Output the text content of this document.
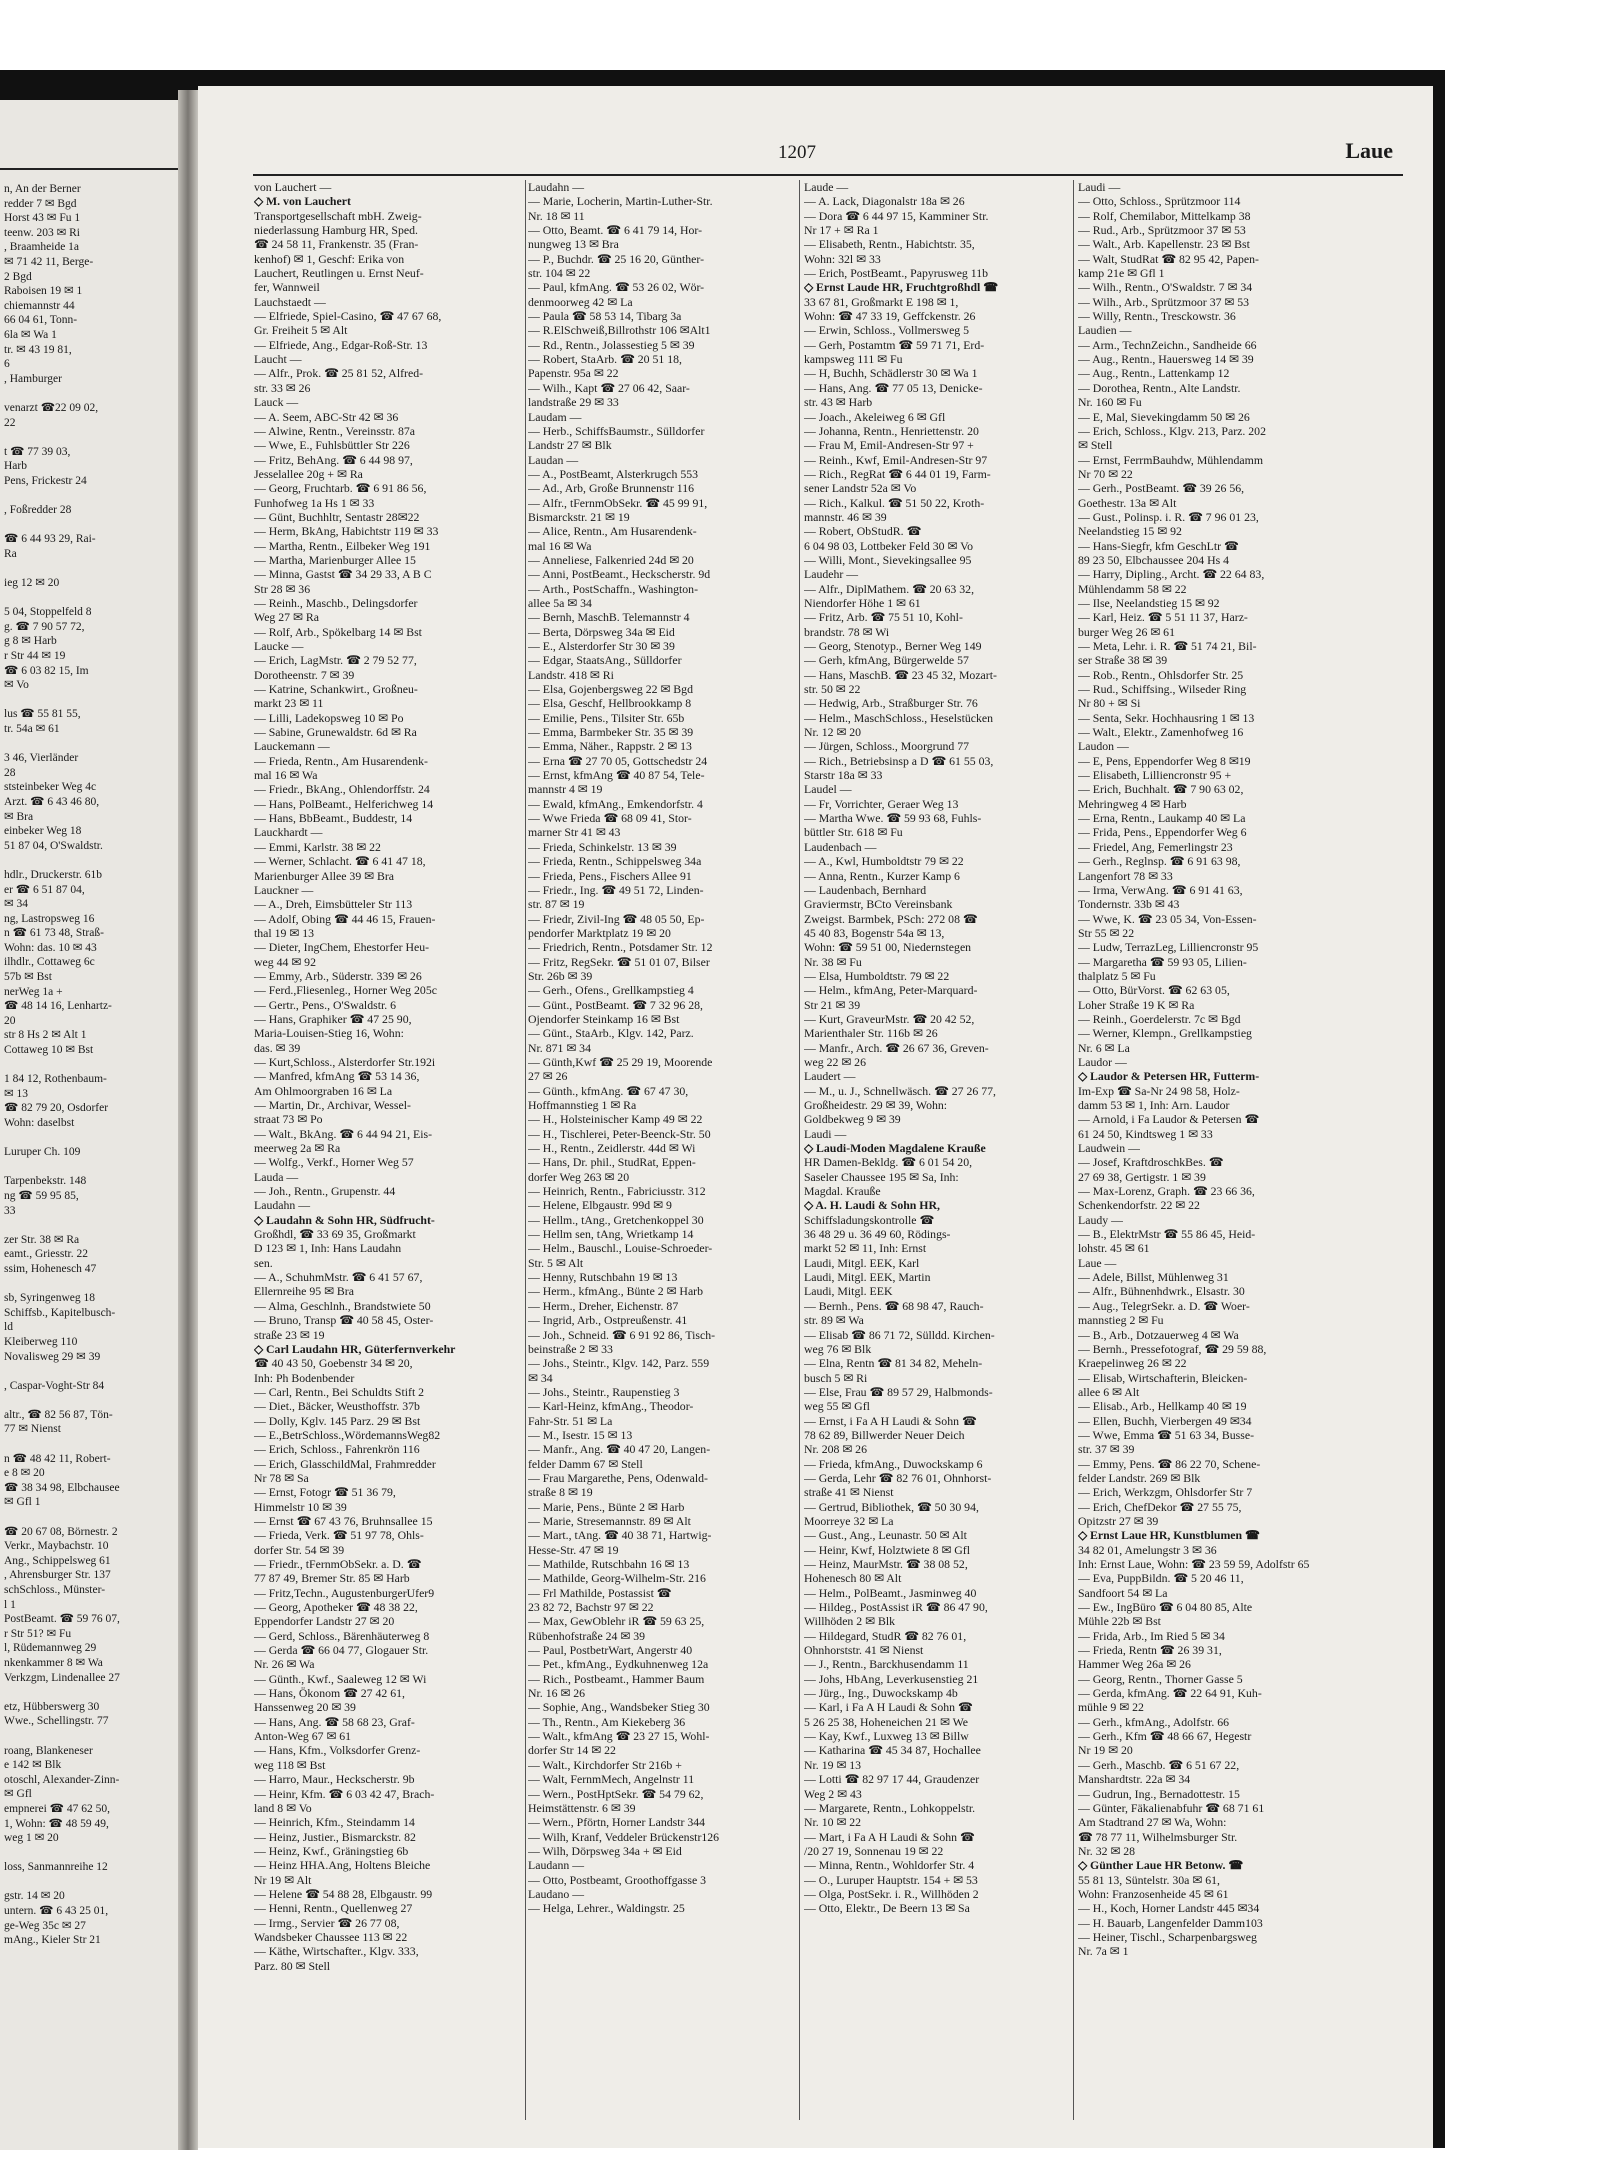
n, An der Berner
redder 7 ✉ Bgd
Horst 43 ✉ Fu 1
teenw. 203 ✉ Ri
, Braamheide 1a
✉ 71 42 11, Berge-
2 Bgd
Raboisen 19 ✉ 1
chiemannstr 44
66 04 61, Tonn-
6la ✉ Wa 1
tr. ✉ 43 19 81,
6
, Hamburger

venarzt ☎22 09 02,
22

t ☎ 77 39 03,
Harb
Pens, Frickestr 24

, Foßredder 28

☎ 6 44 93 29, Rai-
Ra

ieg 12 ✉ 20

5 04, Stoppelfeld 8
g. ☎ 7 90 57 72,
g 8 ✉ Harb
r Str 44 ✉ 19
☎ 6 03 82 15, Im
✉ Vo

lus ☎ 55 81 55,
tr. 54a ✉ 61

3 46, Vierländer
28
ststeinbeker Weg 4c
Arzt. ☎ 6 43 46 80,
✉ Bra
einbeker Weg 18
51 87 04, O'Swaldstr.

hdlr., Druckerstr. 61b
er ☎ 6 51 87 04,
✉ 34
ng, Lastropsweg 16
n ☎ 61 73 48, Straß-
Wohn: das. 10 ✉ 43
ilhdlr., Cottaweg 6c
57b ✉ Bst
nerWeg 1a +
☎ 48 14 16, Lenhartz-
20
str 8 Hs 2 ✉ Alt 1
Cottaweg 10 ✉ Bst

1 84 12, Rothenbaum-
✉ 13
☎ 82 79 20, Osdorfer
Wohn: daselbst

Luruper Ch. 109

Tarpenbekstr. 148
ng ☎ 59 95 85,
33

zer Str. 38 ✉ Ra
eamt., Griesstr. 22
ssim, Hohenesch 47

sb, Syringenweg 18
Schiffsb., Kapitelbusch-
ld
Kleiberweg 110
Novalisweg 29 ✉ 39

, Caspar-Voght-Str 84

altr., ☎ 82 56 87, Tön-
77 ✉ Nienst

n ☎ 48 42 11, Robert-
e 8 ✉ 20
☎ 38 34 98, Elbchausee
✉ Gfl 1

☎ 20 67 08, Börnestr. 2
Verkr., Maybachstr. 10
Ang., Schippelsweg 61
, Ahrensburger Str. 137
schSchloss., Münster-
l 1
PostBeamt. ☎ 59 76 07,
r Str 51? ✉ Fu
l, Rüdemannweg 29
nkenkammer 8 ✉ Wa
Verkzgm, Lindenallee 27

etz, Hübberswerg 30
Wwe., Schellingstr. 77

roang, Blankeneser
e 142 ✉ Blk
otoschl, Alexander-Zinn-
✉ Gfl
empnerei ☎ 47 62 50,
1, Wohn: ☎ 48 59 49,
weg 1 ✉ 20

loss, Sanmannreihe 12

gstr. 14 ✉ 20
untern. ☎ 6 43 25 01,
ge-Weg 35c ✉ 27
mAng., Kieler Str 21
1207	Laue
von Lauchert —
◇ M. von Lauchert
Transportgesellschaft mbH. Zweig-
niederlassung Hamburg HR, Sped.
☎ 24 58 11, Frankenstr. 35 (Fran-
kenhof) ✉ 1, Geschf: Erika von
Lauchert, Reutlingen u. Ernst Neuf-
fer, Wannweil
Lauchstaedt —
— Elfriede, Spiel-Casino, ☎ 47 67 68,
Gr. Freiheit 5 ✉ Alt
— Elfriede, Ang., Edgar-Roß-Str. 13
Laucht —
— Alfr., Prok. ☎ 25 81 52, Alfred-
str. 33 ✉ 26
Lauck —
— A. Seem, ABC-Str 42 ✉ 36
— Alwine, Rentn., Vereinsstr. 87a
— Wwe, E., Fuhlsbüttler Str 226
— Fritz, BehAng. ☎ 6 44 98 97,
Jesselallee 20g + ✉ Ra
— Georg, Fruchtarb. ☎ 6 91 86 56,
Funhofweg 1a Hs 1 ✉ 33
— Günt, Buchhltr, Sentastr 28✉22
— Herm, BkAng, Habichtstr 119 ✉ 33
— Martha, Rentn., Eilbeker Weg 191
— Martha, Marienburger Allee 15
— Minna, Gastst ☎ 34 29 33, A B C
Str 28 ✉ 36
— Reinh., Maschb., Delingsdorfer
Weg 27 ✉ Ra
— Rolf, Arb., Spökelbarg 14 ✉ Bst
Laucke —
— Erich, LagMstr. ☎ 2 79 52 77,
Dorotheenstr. 7 ✉ 39
— Katrine, Schankwirt., Großneu-
markt 23 ✉ 11
— Lilli, Ladekopsweg 10 ✉ Po
— Sabine, Grunewaldstr. 6d ✉ Ra
Lauckemann —
— Frieda, Rentn., Am Husarendenk-
mal 16 ✉ Wa
— Friedr., BkAng., Ohlendorffstr. 24
— Hans, PolBeamt., Helferichweg 14
— Hans, BbBeamt., Buddestr, 14
Lauckhardt —
— Emmi, Karlstr. 38 ✉ 22
— Werner, Schlacht. ☎ 6 41 47 18,
Marienburger Allee 39 ✉ Bra
Lauckner —
— A., Dreh, Eimsbütteler Str 113
— Adolf, Obing ☎ 44 46 15, Frauen-
thal 19 ✉ 13
— Dieter, IngChem, Ehestorfer Heu-
weg 44 ✉ 92
— Emmy, Arb., Süderstr. 339 ✉ 26
— Ferd.,Fliesenleg., Horner Weg 205c
— Gertr., Pens., O'Swaldstr. 6
— Hans, Graphiker ☎ 47 25 90,
Maria-Louisen-Stieg 16, Wohn:
das. ✉ 39
— Kurt,Schloss., Alsterdorfer Str.192i
— Manfred, kfmAng ☎ 53 14 36,
Am Ohlmoorgraben 16 ✉ La
— Martin, Dr., Archivar, Wessel-
straat 73 ✉ Po
— Walt., BkAng. ☎ 6 44 94 21, Eis-
meerweg 2a ✉ Ra
— Wolfg., Verkf., Horner Weg 57
Lauda —
— Joh., Rentn., Grupenstr. 44
Laudahn —
◇ Laudahn & Sohn HR, Südfrucht-
Großhdl, ☎ 33 69 35, Großmarkt
D 123 ✉ 1, Inh: Hans Laudahn
sen.
— A., SchuhmMstr. ☎ 6 41 57 67,
Ellernreihe 95 ✉ Bra
— Alma, Geschlnh., Brandstwiete 50
— Bruno, Transp ☎ 40 58 45, Oster-
straße 23 ✉ 19
◇ Carl Laudahn HR, Güterfernverkehr
☎ 40 43 50, Goebenstr 34 ✉ 20,
Inh: Ph Bodenbender
— Carl, Rentn., Bei Schuldts Stift 2
— Diet., Bäcker, Weusthoffstr. 37b
— Dolly, Kglv. 145 Parz. 29 ✉ Bst
— E.,BetrSchloss.,WördemannsWeg82
— Erich, Schloss., Fahrenkrön 116
— Erich, GlasschildMal, Frahmredder
Nr 78 ✉ Sa
— Ernst, Fotogr ☎ 51 36 79,
Himmelstr 10 ✉ 39
— Ernst ☎ 67 43 76, Bruhnsallee 15
— Frieda, Verk. ☎ 51 97 78, Ohls-
dorfer Str. 54 ✉ 39
— Friedr., tFernmObSekr. a. D. ☎
77 87 49, Bremer Str. 85 ✉ Harb
— Fritz,Techn., AugustenburgerUfer9
— Georg, Apotheker ☎ 48 38 22,
Eppendorfer Landstr 27 ✉ 20
— Gerd, Schloss., Bärenhäuterweg 8
— Gerda ☎ 66 04 77, Glogauer Str.
Nr. 26 ✉ Wa
— Günth., Kwf., Saaleweg 12 ✉ Wi
— Hans, Ökonom ☎ 27 42 61,
Hanssenweg 20 ✉ 39
— Hans, Ang. ☎ 58 68 23, Graf-
Anton-Weg 67 ✉ 61
— Hans, Kfm., Volksdorfer Grenz-
weg 118 ✉ Bst
— Harro, Maur., Heckscherstr. 9b
— Heinr, Kfm. ☎ 6 03 42 47, Brach-
land 8 ✉ Vo
— Heinrich, Kfm., Steindamm 14
— Heinz, Justier., Bismarckstr. 82
— Heinz, Kwf., Gräningstieg 6b
— Heinz HHA.Ang, Holtens Bleiche
Nr 19 ✉ Alt
— Helene ☎ 54 88 28, Elbgaustr. 99
— Henni, Rentn., Quellenweg 27
— Irmg., Servier ☎ 26 77 08,
Wandsbeker Chaussee 113 ✉ 22
— Käthe, Wirtschafter., Klgv. 333,
Parz. 80 ✉ Stell
Laudahn —
— Marie, Locherin, Martin-Luther-Str.
Nr. 18 ✉ 11
— Otto, Beamt. ☎ 6 41 79 14, Hor-
nungweg 13 ✉ Bra
— P., Buchdr. ☎ 25 16 20, Günther-
str. 104 ✉ 22
— Paul, kfmAng. ☎ 53 26 02, Wör-
denmoorweg 42 ✉ La
— Paula ☎ 58 53 14, Tibarg 3a
— R.ElSchweiß,Billrothstr 106 ✉Alt1
— Rd., Rentn., Jolassestieg 5 ✉ 39
— Robert, StaArb. ☎ 20 51 18,
Papenstr. 95a ✉ 22
— Wilh., Kapt ☎ 27 06 42, Saar-
landstraße 29 ✉ 33
Laudam —
— Herb., SchiffsBaumstr., Sülldorfer
Landstr 27 ✉ Blk
Laudan —
— A., PostBeamt, Alsterkrugch 553
— Ad., Arb, Große Brunnenstr 116
— Alfr., tFernmObSekr. ☎ 45 99 91,
Bismarckstr. 21 ✉ 19
— Alice, Rentn., Am Husarendenk-
mal 16 ✉ Wa
— Anneliese, Falkenried 24d ✉ 20
— Anni, PostBeamt., Heckscherstr. 9d
— Arth., PostSchaffn., Washington-
allee 5a ✉ 34
— Bernh, MaschB. Telemannstr 4
— Berta, Dörpsweg 34a ✉ Eid
— E., Alsterdorfer Str 30 ✉ 39
— Edgar, StaatsAng., Sülldorfer
Landstr. 418 ✉ Ri
— Elsa, Gojenbergsweg 22 ✉ Bgd
— Elsa, Geschf, Hellbrookkamp 8
— Emilie, Pens., Tilsiter Str. 65b
— Emma, Barmbeker Str. 35 ✉ 39
— Emma, Näher., Rappstr. 2 ✉ 13
— Erna ☎ 27 70 05, Gottschedstr 24
— Ernst, kfmAng ☎ 40 87 54, Tele-
mannstr 4 ✉ 19
— Ewald, kfmAng., Emkendorfstr. 4
— Wwe Frieda ☎ 68 09 41, Stor-
marner Str 41 ✉ 43
— Frieda, Schinkelstr. 13 ✉ 39
— Frieda, Rentn., Schippelsweg 34a
— Frieda, Pens., Fischers Allee 91
— Friedr., Ing. ☎ 49 51 72, Linden-
str. 87 ✉ 19
— Friedr, Zivil-Ing ☎ 48 05 50, Ep-
pendorfer Marktplatz 19 ✉ 20
— Friedrich, Rentn., Potsdamer Str. 12
— Fritz, RegSekr. ☎ 51 01 07, Bilser
Str. 26b ✉ 39
— Gerh., Ofens., Grellkampstieg 4
— Günt., PostBeamt. ☎ 7 32 96 28,
Ojendorfer Steinkamp 16 ✉ Bst
— Günt., StaArb., Klgv. 142, Parz.
Nr. 871 ✉ 34
— Günth,Kwf ☎ 25 29 19, Moorende
27 ✉ 26
— Günth., kfmAng. ☎ 67 47 30,
Hoffmannstieg 1 ✉ Ra
— H., Holsteinischer Kamp 49 ✉ 22
— H., Tischlerei, Peter-Beenck-Str. 50
— H., Rentn., Zeidlerstr. 44d ✉ Wi
— Hans, Dr. phil., StudRat, Eppen-
dorfer Weg 263 ✉ 20
— Heinrich, Rentn., Fabriciusstr. 312
— Helene, Elbgaustr. 99d ✉ 9
— Hellm., tAng., Gretchenkoppel 30
— Hellm sen, tAng, Wrietkamp 14
— Helm., Bauschl., Louise-Schroeder-
Str. 5 ✉ Alt
— Henny, Rutschbahn 19 ✉ 13
— Herm., kfmAng., Bünte 2 ✉ Harb
— Herm., Dreher, Eichenstr. 87
— Ingrid, Arb., Ostpreußenstr. 41
— Joh., Schneid. ☎ 6 91 92 86, Tisch-
beinstraße 2 ✉ 33
— Johs., Steintr., Klgv. 142, Parz. 559
✉ 34
— Johs., Steintr., Raupenstieg 3
— Karl-Heinz, kfmAng., Theodor-
Fahr-Str. 51 ✉ La
— M., Isestr. 15 ✉ 13
— Manfr., Ang. ☎ 40 47 20, Langen-
felder Damm 67 ✉ Stell
— Frau Margarethe, Pens, Odenwald-
straße 8 ✉ 19
— Marie, Pens., Bünte 2 ✉ Harb
— Marie, Stresemannstr. 89 ✉ Alt
— Mart., tAng. ☎ 40 38 71, Hartwig-
Hesse-Str. 47 ✉ 19
— Mathilde, Rutschbahn 16 ✉ 13
— Mathilde, Georg-Wilhelm-Str. 216
— Frl Mathilde, Postassist ☎
23 82 72, Bachstr 97 ✉ 22
— Max, GewOblehr iR ☎ 59 63 25,
Rübenhofstraße 24 ✉ 39
— Paul, PostbetrWart, Angerstr 40
— Pet., kfmAng., Eydkuhnenweg 12a
— Rich., Postbeamt., Hammer Baum
Nr. 16 ✉ 26
— Sophie, Ang., Wandsbeker Stieg 30
— Th., Rentn., Am Kiekeberg 36
— Walt., kfmAng ☎ 23 27 15, Wohl-
dorfer Str 14 ✉ 22
— Walt., Kirchdorfer Str 216b +
— Walt, FernmMech, Angelnstr 11
— Wern., PostHptSekr. ☎ 54 79 62,
Heimstättenstr. 6 ✉ 39
— Wern., Pförtn, Horner Landstr 344
— Wilh, Kranf, Veddeler Brückenstr126
— Wilh, Dörpsweg 34a + ✉ Eid
Laudann —
— Otto, Postbeamt, Groothoffgasse 3
Laudano —
— Helga, Lehrer., Waldingstr. 25
Laude —
— A. Lack, Diagonalstr 18a ✉ 26
— Dora ☎ 6 44 97 15, Kamminer Str.
Nr 17 + ✉ Ra 1
— Elisabeth, Rentn., Habichtstr. 35,
Wohn: 32l ✉ 33
— Erich, PostBeamt., Papyrusweg 11b
◇ Ernst Laude HR, Fruchtgroßhdl ☎
33 67 81, Großmarkt E 198 ✉ 1,
Wohn: ☎ 47 33 19, Geffckenstr. 26
— Erwin, Schloss., Vollmersweg 5
— Gerh, Postamtm ☎ 59 71 71, Erd-
kampsweg 111 ✉ Fu
— H, Buchh, Schädlerstr 30 ✉ Wa 1
— Hans, Ang. ☎ 77 05 13, Denicke-
str. 43 ✉ Harb
— Joach., Akeleiweg 6 ✉ Gfl
— Johanna, Rentn., Henriettenstr. 20
— Frau M, Emil-Andresen-Str 97 +
— Reinh., Kwf, Emil-Andresen-Str 97
— Rich., RegRat ☎ 6 44 01 19, Farm-
sener Landstr 52a ✉ Vo
— Rich., Kalkul. ☎ 51 50 22, Kroth-
mannstr. 46 ✉ 39
— Robert, ObStudR. ☎
6 04 98 03, Lottbeker Feld 30 ✉ Vo
— Willi, Mont., Sievekingsallee 95
Laudehr —
— Alfr., DiplMathem. ☎ 20 63 32,
Niendorfer Höhe 1 ✉ 61
— Fritz, Arb. ☎ 75 51 10, Kohl-
brandstr. 78 ✉ Wi
— Georg, Stenotyp., Berner Weg 149
— Gerh, kfmAng, Bürgerwelde 57
— Hans, MaschB. ☎ 23 45 32, Mozart-
str. 50 ✉ 22
— Hedwig, Arb., Straßburger Str. 76
— Helm., MaschSchloss., Heselstücken
Nr. 12 ✉ 20
— Jürgen, Schloss., Moorgrund 77
— Rich., Betriebsinsp a D ☎ 61 55 03,
Starstr 18a ✉ 33
Laudel —
— Fr, Vorrichter, Geraer Weg 13
— Martha Wwe. ☎ 59 93 68, Fuhls-
büttler Str. 618 ✉ Fu
Laudenbach —
— A., Kwl, Humboldtstr 79 ✉ 22
— Anna, Rentn., Kurzer Kamp 6
— Laudenbach, Bernhard
Graviermstr, BCto Vereinsbank
Zweigst. Barmbek, PSch: 272 08 ☎
45 40 83, Bogenstr 54a ✉ 13,
Wohn: ☎ 59 51 00, Niedernstegen
Nr. 38 ✉ Fu
— Elsa, Humboldtstr. 79 ✉ 22
— Helm., kfmAng, Peter-Marquard-
Str 21 ✉ 39
— Kurt, GraveurMstr. ☎ 20 42 52,
Marienthaler Str. 116b ✉ 26
— Manfr., Arch. ☎ 26 67 36, Greven-
weg 22 ✉ 26
Laudert —
— M., u. J., Schnellwäsch. ☎ 27 26 77,
Großheidestr. 29 ✉ 39, Wohn:
Goldbekweg 9 ✉ 39
Laudi —
◇ Laudi-Moden Magdalene Krauße
HR Damen-Bekldg. ☎ 6 01 54 20,
Saseler Chaussee 195 ✉ Sa, Inh:
Magdal. Krauße
◇ A. H. Laudi & Sohn HR,
Schiffsladungskontrolle ☎
36 48 29 u. 36 49 60, Rödings-
markt 52 ✉ 11, Inh: Ernst
Laudi, Mitgl. EEK, Karl
Laudi, Mitgl. EEK, Martin
Laudi, Mitgl. EEK
— Bernh., Pens. ☎ 68 98 47, Rauch-
str. 89 ✉ Wa
— Elisab ☎ 86 71 72, Sülldd. Kirchen-
weg 76 ✉ Blk
— Elna, Rentn ☎ 81 34 82, Meheln-
busch 5 ✉ Ri
— Else, Frau ☎ 89 57 29, Halbmonds-
weg 55 ✉ Gfl
— Ernst, i Fa A H Laudi & Sohn ☎
78 62 89, Billwerder Neuer Deich
Nr. 208 ✉ 26
— Frieda, kfmAng., Duwockskamp 6
— Gerda, Lehr ☎ 82 76 01, Ohnhorst-
straße 41 ✉ Nienst
— Gertrud, Bibliothek, ☎ 50 30 94,
Moorreye 32 ✉ La
— Gust., Ang., Leunastr. 50 ✉ Alt
— Heinr, Kwf, Holztwiete 8 ✉ Gfl
— Heinz, MaurMstr. ☎ 38 08 52,
Hohenesch 80 ✉ Alt
— Helm., PolBeamt., Jasminweg 40
— Hildeg., PostAssist iR ☎ 86 47 90,
Willhöden 2 ✉ Blk
— Hildegard, StudR ☎ 82 76 01,
Ohnhorststr. 41 ✉ Nienst
— J., Rentn., Barckhusendamm 11
— Johs, HbAng, Leverkusenstieg 21
— Jürg., Ing., Duwockskamp 4b
— Karl, i Fa A H Laudi & Sohn ☎
5 26 25 38, Hoheneichen 21 ✉ We
— Kay, Kwf., Luxweg 13 ✉ Billw
— Katharina ☎ 45 34 87, Hochallee
Nr. 19 ✉ 13
— Lotti ☎ 82 97 17 44, Graudenzer
Weg 2 ✉ 43
— Margarete, Rentn., Lohkoppelstr.
Nr. 10 ✉ 22
— Mart, i Fa A H Laudi & Sohn ☎
/20 27 19, Sonnenau 19 ✉ 22
— Minna, Rentn., Wohldorfer Str. 4
— O., Luruper Hauptstr. 154 + ✉ 53
— Olga, PostSekr. i. R., Willhöden 2
— Otto, Elektr., De Beern 13 ✉ Sa
Laudi —
— Otto, Schloss., Sprützmoor 114
— Rolf, Chemilabor, Mittelkamp 38
— Rud., Arb., Sprützmoor 37 ✉ 53
— Walt., Arb. Kapellenstr. 23 ✉ Bst
— Walt, StudRat ☎ 82 95 42, Papen-
kamp 21e ✉ Gfl 1
— Wilh., Rentn., O'Swaldstr. 7 ✉ 34
— Wilh., Arb., Sprützmoor 37 ✉ 53
— Willy, Rentn., Tresckowstr. 36
Laudien —
— Arm., TechnZeichn., Sandheide 66
— Aug., Rentn., Hauersweg 14 ✉ 39
— Aug., Rentn., Lattenkamp 12
— Dorothea, Rentn., Alte Landstr.
Nr. 160 ✉ Fu
— E, Mal, Sievekingdamm 50 ✉ 26
— Erich, Schloss., Klgv. 213, Parz. 202
✉ Stell
— Ernst, FerrmBauhdw, Mühlendamm
Nr 70 ✉ 22
— Gerh., PostBeamt. ☎ 39 26 56,
Goethestr. 13a ✉ Alt
— Gust., Polinsp. i. R. ☎ 7 96 01 23,
Neelandstieg 15 ✉ 92
— Hans-Siegfr, kfm GeschLtr ☎
89 23 50, Elbchaussee 204 Hs 4
— Harry, Dipling., Archt. ☎ 22 64 83,
Mühlendamm 58 ✉ 22
— Ilse, Neelandstieg 15 ✉ 92
— Karl, Heiz. ☎ 5 51 11 37, Harz-
burger Weg 26 ✉ 61
— Meta, Lehr. i. R. ☎ 51 74 21, Bil-
ser Straße 38 ✉ 39
— Rob., Rentn., Ohlsdorfer Str. 25
— Rud., Schiffsing., Wilseder Ring
Nr 80 + ✉ Si
— Senta, Sekr. Hochhausring 1 ✉ 13
— Walt., Elektr., Zamenhofweg 16
Laudon —
— E, Pens, Eppendorfer Weg 8 ✉19
— Elisabeth, Lilliencronstr 95 +
— Erich, Buchhalt. ☎ 7 90 63 02,
Mehringweg 4 ✉ Harb
— Erna, Rentn., Laukamp 40 ✉ La
— Frida, Pens., Eppendorfer Weg 6
— Friedel, Ang, Femerlingstr 23
— Gerh., Reglnsp. ☎ 6 91 63 98,
Langenfort 78 ✉ 33
— Irma, VerwAng. ☎ 6 91 41 63,
Tondernstr. 33b ✉ 43
— Wwe, K. ☎ 23 05 34, Von-Essen-
Str 55 ✉ 22
— Ludw, TerrazLeg, Lilliencronstr 95
— Margaretha ☎ 59 93 05, Lilien-
thalplatz 5 ✉ Fu
— Otto, BürVorst. ☎ 62 63 05,
Loher Straße 19 K ✉ Ra
— Reinh., Goerdelerstr. 7c ✉ Bgd
— Werner, Klempn., Grellkampstieg
Nr. 6 ✉ La
Laudor —
◇ Laudor & Petersen HR, Futterm-
Im-Exp ☎ Sa-Nr 24 98 58, Holz-
damm 53 ✉ 1, Inh: Arn. Laudor
— Arnold, i Fa Laudor & Petersen ☎
61 24 50, Kindtsweg 1 ✉ 33
Laudwein —
— Josef, KraftdroschkBes. ☎
27 69 38, Gertigstr. 1 ✉ 39
— Max-Lorenz, Graph. ☎ 23 66 36,
Schenkendorfstr. 22 ✉ 22
Laudy —
— B., ElektrMstr ☎ 55 86 45, Heid-
lohstr. 45 ✉ 61
Laue —
— Adele, Billst, Mühlenweg 31
— Alfr., Bühnenhdwrk., Elsastr. 30
— Aug., TelegrSekr. a. D. ☎ Woer-
mannstieg 2 ✉ Fu
— B., Arb., Dotzauerweg 4 ✉ Wa
— Bernh., Pressefotograf, ☎ 29 59 88,
Kraepelinweg 26 ✉ 22
— Elisab, Wirtschafterin, Bleicken-
allee 6 ✉ Alt
— Elisab., Arb., Hellkamp 40 ✉ 19
— Ellen, Buchh, Vierbergen 49 ✉34
— Wwe, Emma ☎ 51 63 34, Busse-
str. 37 ✉ 39
— Emmy, Pens. ☎ 86 22 70, Schene-
felder Landstr. 269 ✉ Blk
— Erich, Werkzgm, Ohlsdorfer Str 7
— Erich, ChefDekor ☎ 27 55 75,
Opitzstr 27 ✉ 39
◇ Ernst Laue HR, Kunstblumen ☎
34 82 01, Amelungstr 3 ✉ 36
Inh: Ernst Laue, Wohn: ☎ 23 59 59, Adolfstr 65
— Eva, PuppBildn. ☎ 5 20 46 11,
Sandfoort 54 ✉ La
— Ew., IngBüro ☎ 6 04 80 85, Alte
Mühle 22b ✉ Bst
— Frida, Arb., Im Ried 5 ✉ 34
— Frieda, Rentn ☎ 26 39 31,
Hammer Weg 26a ✉ 26
— Georg, Rentn., Thorner Gasse 5
— Gerda, kfmAng. ☎ 22 64 91, Kuh-
mühle 9 ✉ 22
— Gerh., kfmAng., Adolfstr. 66
— Gerh., Kfm ☎ 48 66 67, Hegestr
Nr 19 ✉ 20
— Gerh., Maschb. ☎ 6 51 67 22,
Manshardtstr. 22a ✉ 34
— Gudrun, Ing., Bernadottestr. 15
— Günter, Fäkalienabfuhr ☎ 68 71 61
Am Stadtrand 27 ✉ Wa, Wohn:
☎ 78 77 11, Wilhelmsburger Str.
Nr. 32 ✉ 28
◇ Günther Laue HR Betonw. ☎
55 81 13, Süntelstr. 30a ✉ 61,
Wohn: Franzosenheide 45 ✉ 61
— H., Koch, Horner Landstr 445 ✉34
— H. Bauarb, Langenfelder Damm103
— Heiner, Tischl., Scharpenbargsweg
Nr. 7a ✉ 1
